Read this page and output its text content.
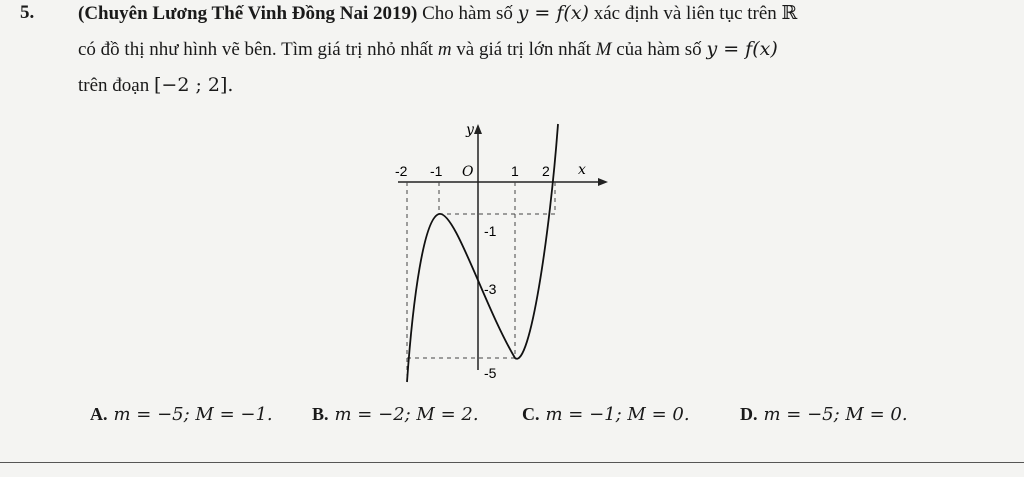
5. (Chuyên Lương Thế Vinh Đồng Nai 2019) Cho hàm số y = f(x) xác định và liên tục trên ℝ
có đồ thị như hình vẽ bên. Tìm giá trị nhỏ nhất m và giá trị lớn nhất M của hàm số y = f(x)
trên đoạn [−2 ; 2].
y
x
O
-2 -1	1 2
-1
-3
-5
A. m = −5; M = −1. B. m = −2; M = 2. C. m = −1; M = 0.	D. m = −5; M = 0.
